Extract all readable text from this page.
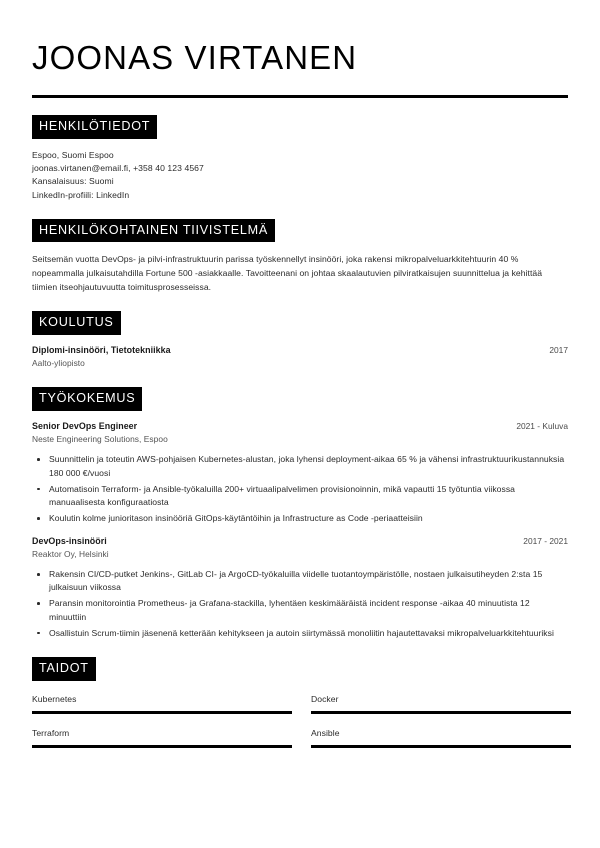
JOONAS VIRTANEN
HENKILÖTIEDOT
Espoo, Suomi Espoo
joonas.virtanen@email.fi, +358 40 123 4567
Kansalaisuus: Suomi
LinkedIn-profiili: LinkedIn
HENKILÖKOHTAINEN TIIVISTELMÄ

Seitsemän vuotta DevOps- ja pilvi-infrastruktuurin parissa työskennellyt insinööri, joka rakensi mikropalveluarkkitehtuurin 40 % nopeammalla julkaisutahdilla Fortune 500 -asiakkaalle. Tavoitteenani on johtaa skaalautuvien pilviratkaisujen suunnittelua ja kehittää tiimien itseohjautuvuutta toimitusprosesseissa.

KOULUTUS
Diplomi-insinööri, Tietotekniikka	2017
Aalto-yliopisto
TYÖKOKEMUS
Senior DevOps Engineer	2021 - Kuluva
Neste Engineering Solutions, Espoo
Suunnittelin ja toteutin AWS-pohjaisen Kubernetes-alustan, joka lyhensi deployment-aikaa 65 % ja vähensi infrastruktuurikustannuksia 180 000 €/vuosi
Automatisoin Terraform- ja Ansible-työkaluilla 200+ virtuaalipalvelimen provisionoinnin, mikä vapautti 15 työtuntia viikossa manuaalisesta konfiguraatiosta
Koulutin kolme junioritason insinööriä GitOps-käytäntöihin ja Infrastructure as Code -periaatteisiin
DevOps-insinööri	2017 - 2021
Reaktor Oy, Helsinki
Rakensin CI/CD-putket Jenkins-, GitLab CI- ja ArgoCD-työkaluilla viidelle tuotantoympäristölle, nostaen julkaisutiheyden 2:sta 15 julkaisuun viikossa
Paransin monitorointia Prometheus- ja Grafana-stackilla, lyhentäen keskimääräistä incident response -aikaa 40 minuutista 12 minuuttiin
Osallistuin Scrum-tiimin jäsenenä ketterään kehitykseen ja autoin siirtymässä monoliitin hajautettavaksi mikropalveluarkkitehtuuriksi
TAIDOT
Kubernetes	Docker
Terraform	Ansible
